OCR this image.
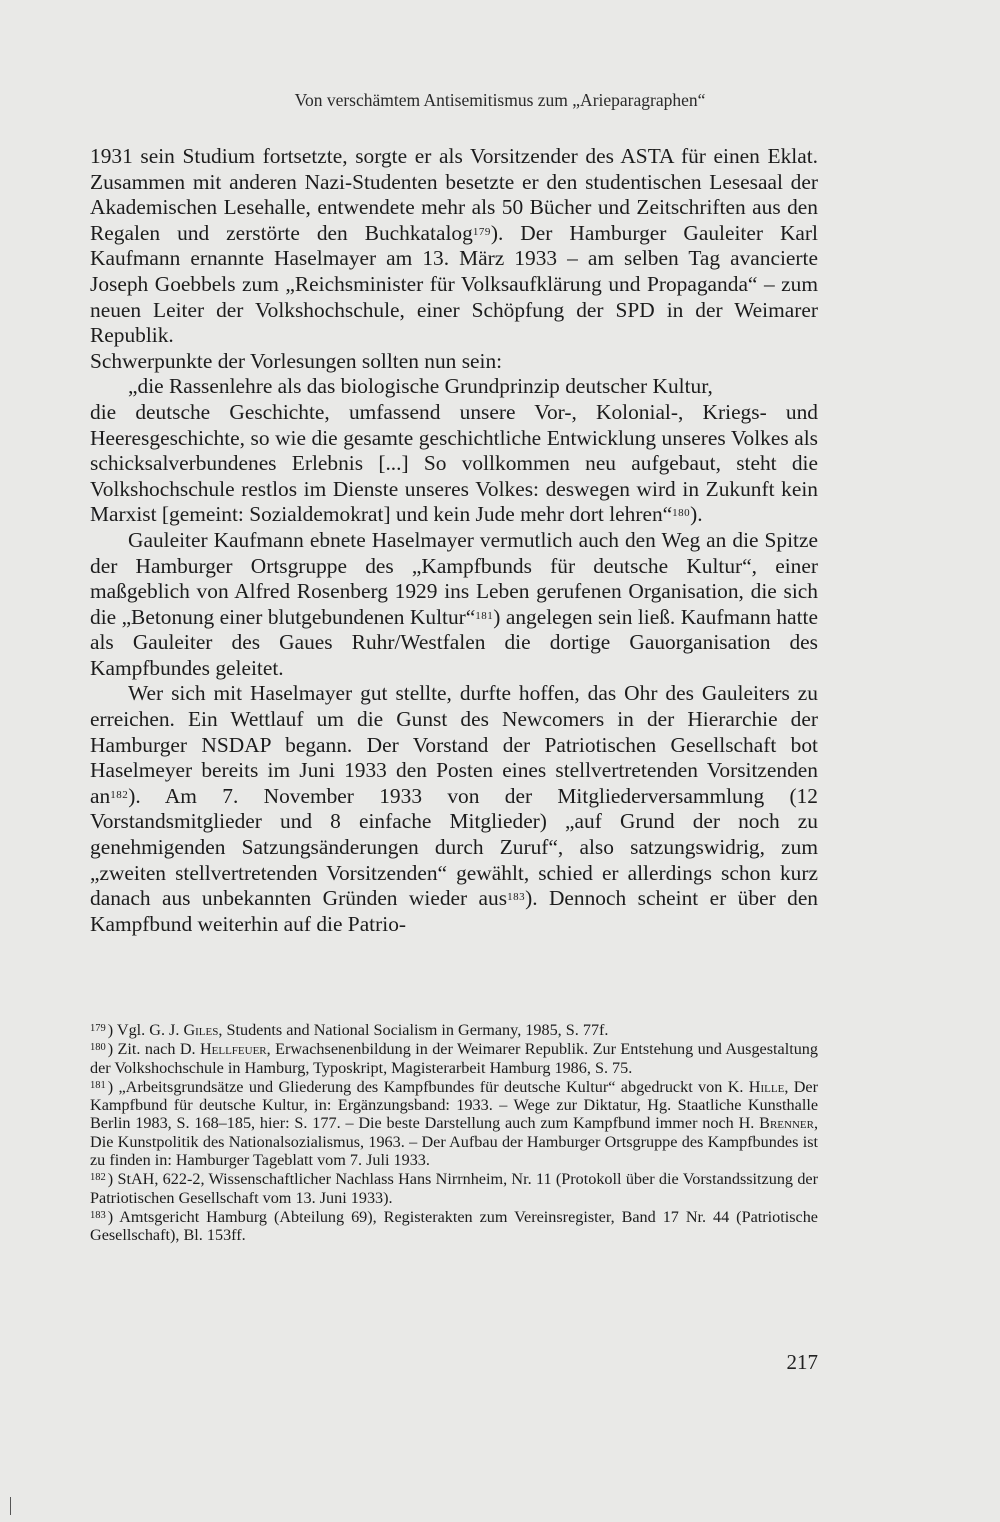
Von verschämtem Antisemitismus zum „Arieparagraphen“

1931 sein Studium fortsetzte, sorgte er als Vorsitzender des ASTA für einen Eklat. Zusammen mit anderen Nazi-Studenten besetzte er den studentischen Lesesaal der Akademischen Lesehalle, entwendete mehr als 50 Bücher und Zeitschriften aus den Regalen und zerstörte den Buchkatalog$^{179}$). Der Hamburger Gauleiter Karl Kaufmann ernannte Haselmayer am 13. März 1933 – am selben Tag avancierte Joseph Goebbels zum „Reichsminister für Volksaufklärung und Propaganda“ – zum neuen Leiter der Volkshochschule, einer Schöpfung der SPD in der Weimarer Republik.

Schwerpunkte der Vorlesungen sollten nun sein:

„die Rassenlehre als das biologische Grundprinzip deutscher Kultur,
die deutsche Geschichte, umfassend unsere Vor-, Kolonial-, Kriegs- und Heeresgeschichte, so wie die gesamte geschichtliche Entwicklung unseres Volkes als schicksalverbundenes Erlebnis [...] So vollkommen neu aufgebaut, steht die Volkshochschule restlos im Dienste unseres Volkes: deswegen wird in Zukunft kein Marxist [gemeint: Sozialdemokrat] und kein Jude mehr dort lehren“$^{180}$).

Gauleiter Kaufmann ebnete Haselmayer vermutlich auch den Weg an die Spitze der Hamburger Ortsgruppe des „Kampfbunds für deutsche Kultur“, einer maßgeblich von Alfred Rosenberg 1929 ins Leben gerufenen Organisation, die sich die „Betonung einer blutgebundenen Kultur“$^{181}$) angelegen sein ließ. Kaufmann hatte als Gauleiter des Gaues Ruhr/Westfalen die dortige Gauorganisation des Kampfbundes geleitet.

Wer sich mit Haselmayer gut stellte, durfte hoffen, das Ohr des Gauleiters zu erreichen. Ein Wettlauf um die Gunst des Newcomers in der Hierarchie der Hamburger NSDAP begann. Der Vorstand der Patriotischen Gesellschaft bot Haselmeyer bereits im Juni 1933 den Posten eines stellvertretenden Vorsitzenden an$^{182}$). Am 7. November 1933 von der Mitgliederversammlung (12 Vorstandsmitglieder und 8 einfache Mitglieder) „auf Grund der noch zu genehmigenden Satzungsänderungen durch Zuruf“, also satzungswidrig, zum „zweiten stellvertretenden Vorsitzenden“ gewählt, schied er allerdings schon kurz danach aus unbekannten Gründen wieder aus$^{183}$). Dennoch scheint er über den Kampfbund weiterhin auf die Patrio-

$^{179}$ ) Vgl. G. J. Giles, Students and National Socialism in Germany, 1985, S. 77f.
$^{180}$ ) Zit. nach D. Hellfeuer, Erwachsenenbildung in der Weimarer Republik. Zur Entstehung und Ausgestaltung der Volkshochschule in Hamburg, Typoskript, Magisterarbeit Hamburg 1986, S. 75.
$^{181}$ ) „Arbeitsgrundsätze und Gliederung des Kampfbundes für deutsche Kultur“ abgedruckt von K. Hille, Der Kampfbund für deutsche Kultur, in: Ergänzungsband: 1933. – Wege zur Diktatur, Hg. Staatliche Kunsthalle Berlin 1983, S. 168–185, hier: S. 177. – Die beste Darstellung auch zum Kampfbund immer noch H. Brenner, Die Kunstpolitik des Nationalsozialismus, 1963. – Der Aufbau der Hamburger Ortsgruppe des Kampfbundes ist zu finden in: Hamburger Tageblatt vom 7. Juli 1933.
$^{182}$ ) StAH, 622-2, Wissenschaftlicher Nachlass Hans Nirrnheim, Nr. 11 (Protokoll über die Vorstandssitzung der Patriotischen Gesellschaft vom 13. Juni 1933).
$^{183}$ ) Amtsgericht Hamburg (Abteilung 69), Registerakten zum Vereinsregister, Band 17 Nr. 44 (Patriotische Gesellschaft), Bl. 153ff.
217
